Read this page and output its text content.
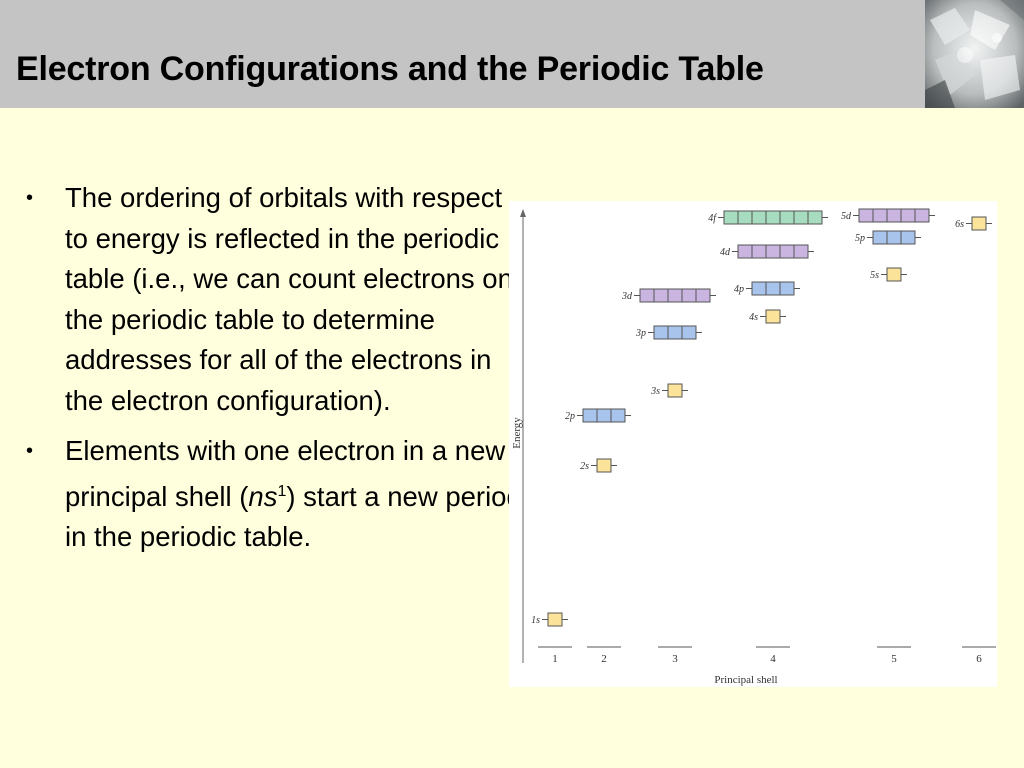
Electron Configurations and the Periodic Table
• The ordering of orbitals with respect to energy is reflected in the periodic table (i.e., we can count electrons on the periodic table to determine addresses for all of the electrons in the electron configuration).
• Elements with one electron in a new principal shell $(ns^1)$ start a new period in the periodic table.
Energy
Principal shell
1	2	3	4	5	6
1s
2s
2p
3s
3p
4s
3d
4p
5s
4d
5p
6s
4f	5d
